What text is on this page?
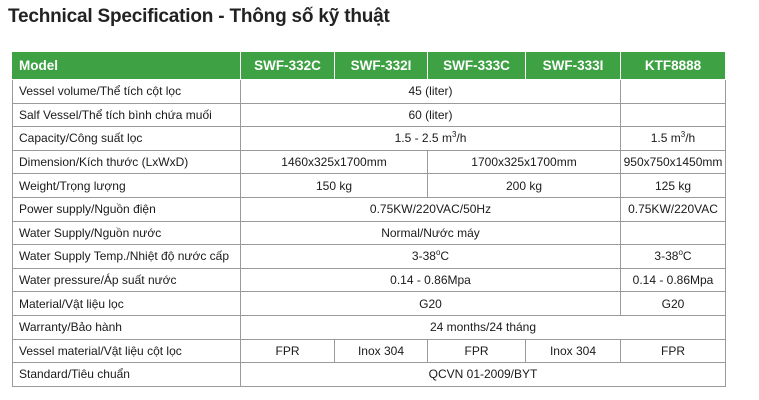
Technical Specification - Thông số kỹ thuật
Model	SWF-332C	SWF-332I	SWF-333C	SWF-333I	KTF8888
Vessel volume/Thể tích cột lọc	45 (liter)				
Salf Vessel/Thể tích bình chứa muối	60 (liter)				
Capacity/Công suất lọc	1.5 - 2.5 $m^3/h$				1.5 $m^3/h$
Dimension/Kích thước (LxWxD)	1460x325x1700mm		1700x325x1700mm		950x750x1450mm
Weight/Trọng lượng	150 kg		200 kg		125 kg
Power supply/Nguồn điện	0.75KW/220VAC/50Hz				0.75KW/220VAC
Water Supply/Nguồn nước	Normal/Nước máy				
Water Supply Temp./Nhiệt độ nước cấp	3-38$^o$C				3-38$^o$C
Water pressure/Áp suất nước	0.14 - 0.86Mpa				0.14 - 0.86Mpa
Material/Vật liệu lọc	G20				G20
Warranty/Bảo hành	24 months/24 tháng				
Vessel material/Vật liệu cột lọc	FPR	Inox 304	FPR	Inox 304	FPR
Standard/Tiêu chuẩn	QCVN 01-2009/BYT				
